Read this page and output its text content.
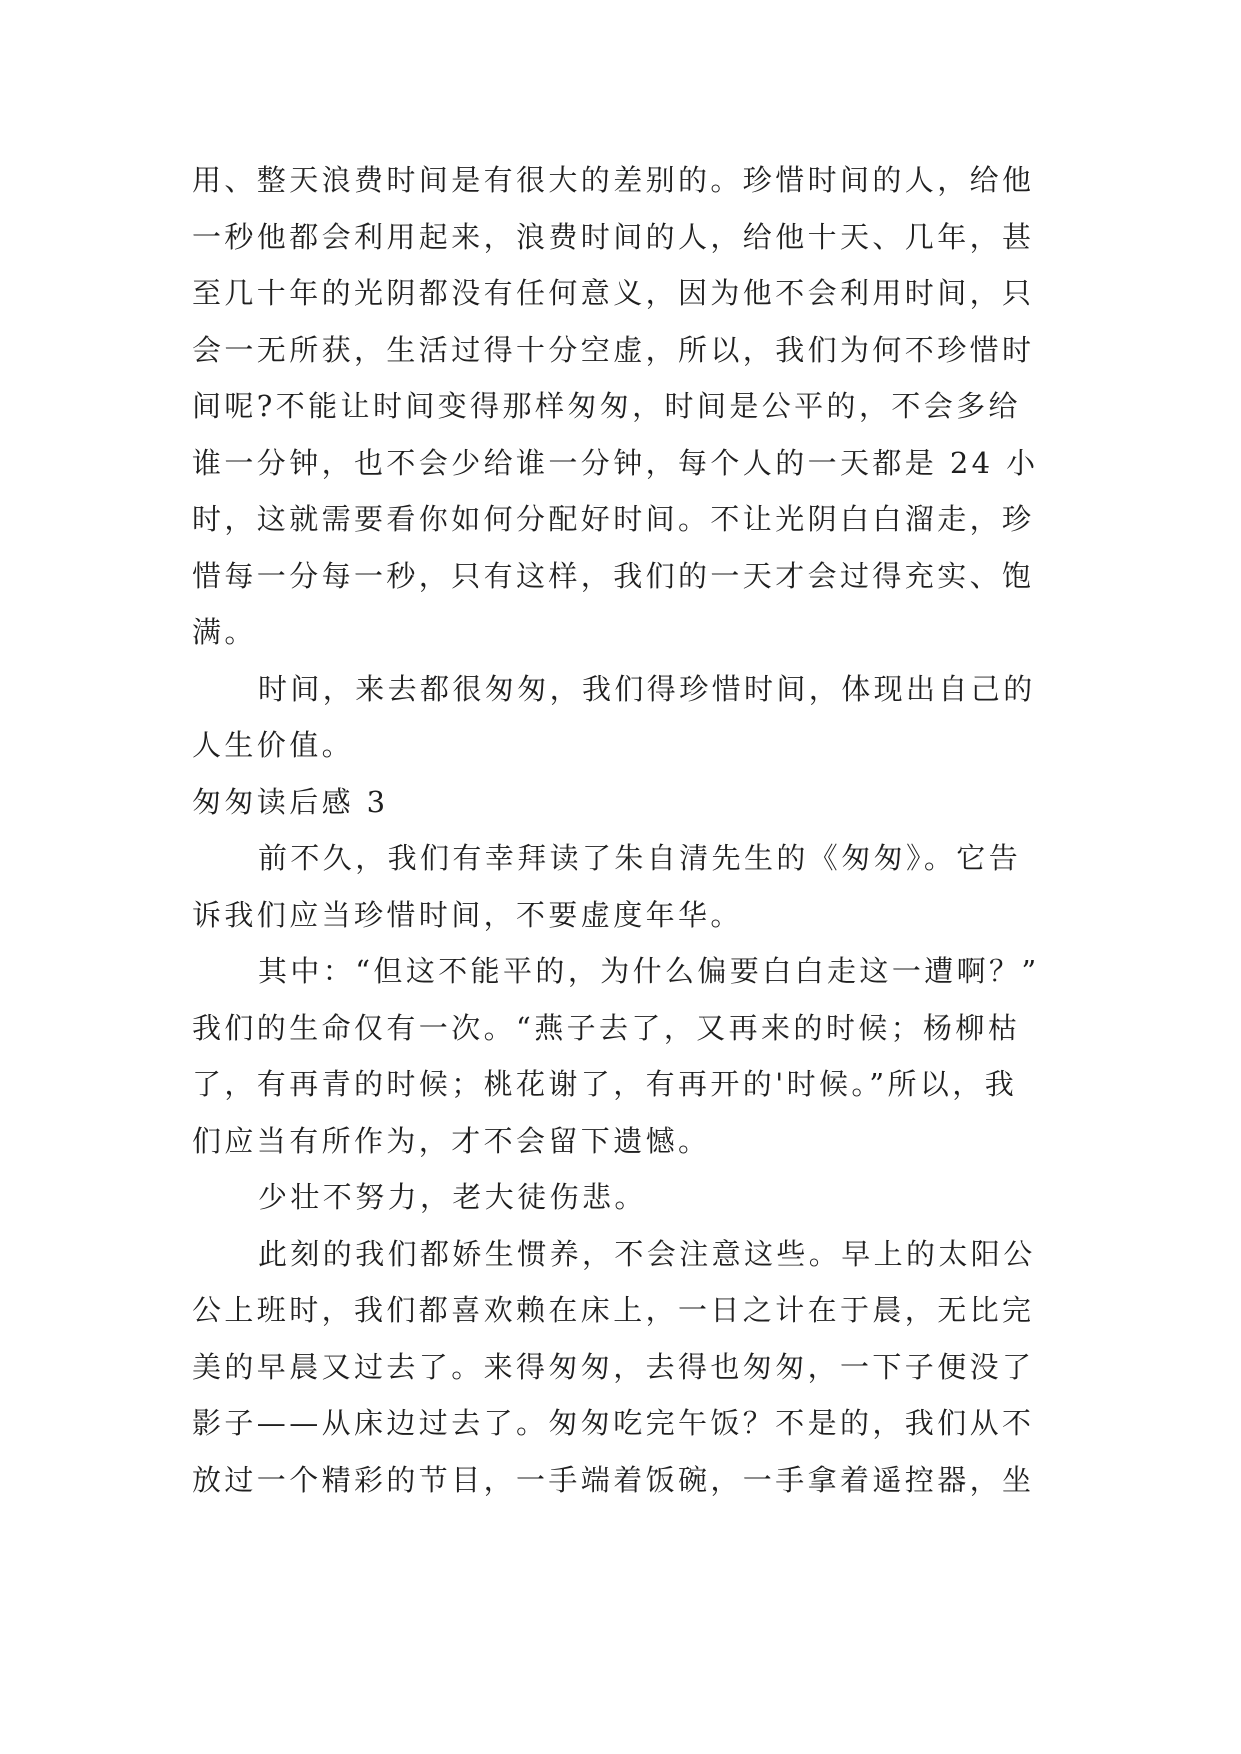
用、整天浪费时间是有很大的差别的。珍惜时间的人，给他
一秒他都会利用起来，浪费时间的人，给他十天、几年，甚
至几十年的光阴都没有任何意义，因为他不会利用时间，只
会一无所获，生活过得十分空虚，所以，我们为何不珍惜时
间呢?不能让时间变得那样匆匆，时间是公平的，不会多给
谁一分钟，也不会少给谁一分钟，每个人的一天都是 24 小
时，这就需要看你如何分配好时间。不让光阴白白溜走，珍
惜每一分每一秒，只有这样，我们的一天才会过得充实、饱
满。
时间，来去都很匆匆，我们得珍惜时间，体现出自己的
人生价值。
匆匆读后感 3
前不久，我们有幸拜读了朱自清先生的《匆匆》。它告
诉我们应当珍惜时间，不要虚度年华。
其中：“但这不能平的，为什么偏要白白走这一遭啊？”
我们的生命仅有一次。“燕子去了，又再来的时候；杨柳枯
了，有再青的时候；桃花谢了，有再开的'时候。”所以，我
们应当有所作为，才不会留下遗憾。
少壮不努力，老大徒伤悲。
此刻的我们都娇生惯养，不会注意这些。早上的太阳公
公上班时，我们都喜欢赖在床上，一日之计在于晨，无比完
美的早晨又过去了。来得匆匆，去得也匆匆，一下子便没了
影子——从床边过去了。匆匆吃完午饭？不是的，我们从不
放过一个精彩的节目，一手端着饭碗，一手拿着遥控器，坐
